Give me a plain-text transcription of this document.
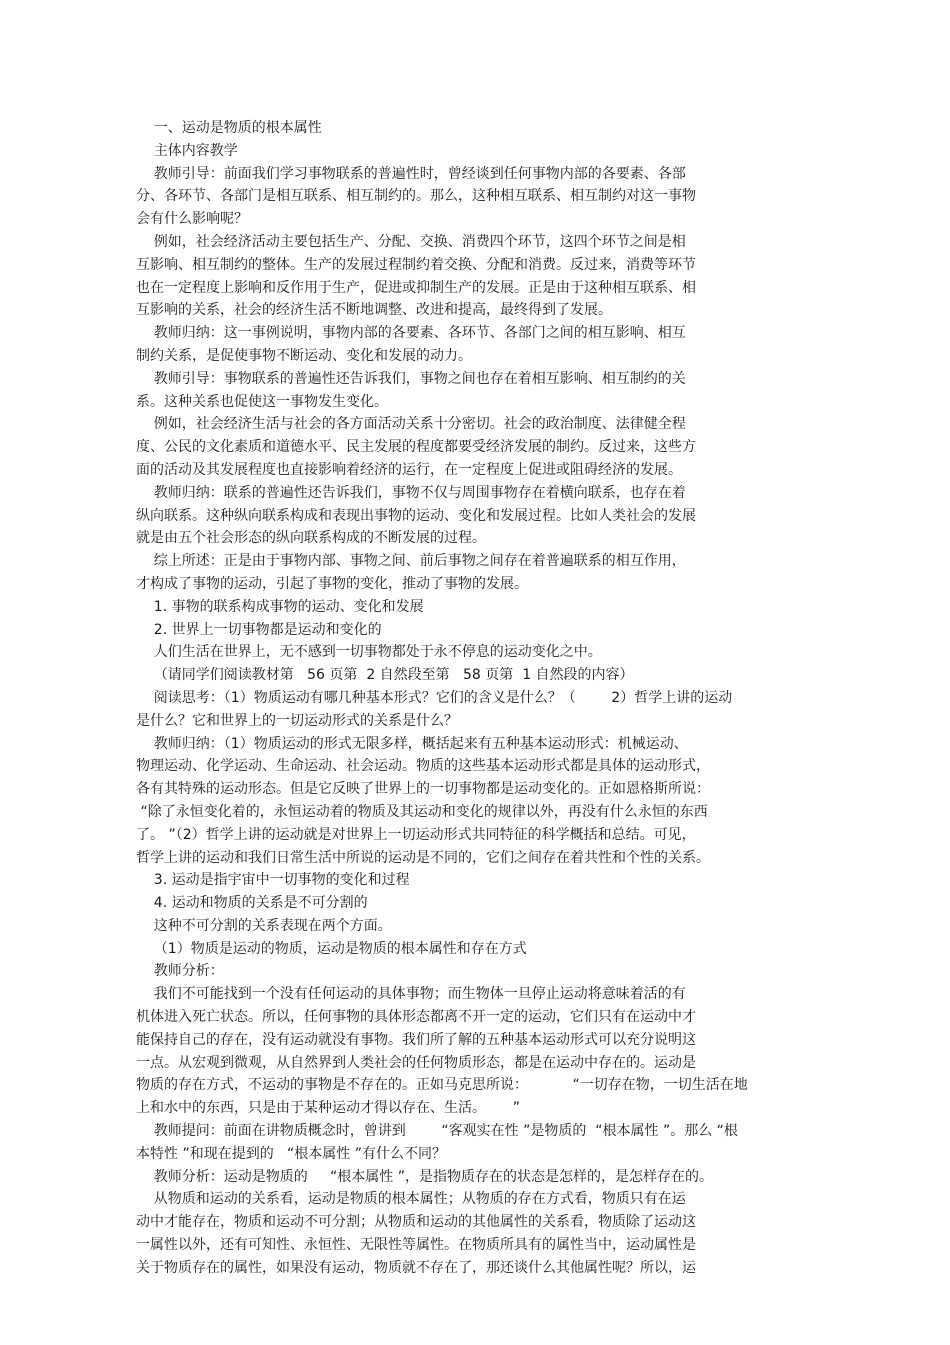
一、运动是物质的根本属性

主体内容教学

教师引导：前面我们学习事物联系的普遍性时，曾经谈到任何事物内部的各要素、各部

分、各环节、各部门是相互联系、相互制约的。那么，这种相互联系、相互制约对这一事物

会有什么影响呢？

例如，社会经济活动主要包括生产、分配、交换、消费四个环节，这四个环节之间是相

互影响、相互制约的整体。生产的发展过程制约着交换、分配和消费。反过来，消费等环节

也在一定程度上影响和反作用于生产，促进或抑制生产的发展。正是由于这种相互联系、相

互影响的关系，社会的经济生活不断地调整、改进和提高，最终得到了发展。

教师归纳：这一事例说明，事物内部的各要素、各环节、各部门之间的相互影响、相互

制约关系，是促使事物不断运动、变化和发展的动力。

教师引导：事物联系的普遍性还告诉我们，事物之间也存在着相互影响、相互制约的关

系。这种关系也促使这一事物发生变化。

例如，社会经济生活与社会的各方面活动关系十分密切。社会的政治制度、法律健全程

度、公民的文化素质和道德水平、民主发展的程度都要受经济发展的制约。反过来，这些方

面的活动及其发展程度也直接影响着经济的运行，在一定程度上促进或阻碍经济的发展。

教师归纳：联系的普遍性还告诉我们，事物不仅与周围事物存在着横向联系，也存在着

纵向联系。这种纵向联系构成和表现出事物的运动、变化和发展过程。比如人类社会的发展

就是由五个社会形态的纵向联系构成的不断发展的过程。

综上所述：正是由于事物内部、事物之间、前后事物之间存在着普遍联系的相互作用，

才构成了事物的运动，引起了事物的变化，推动了事物的发展。

1. 事物的联系构成事物的运动、变化和发展

2. 世界上一切事物都是运动和变化的

人们生活在世界上，无不感到一切事物都处于永不停息的运动变化之中。

（请同学们阅读教材第   56 页第  2 自然段至第   58 页第  1 自然段的内容）

阅读思考：（1）物质运动有哪几种基本形式？它们的含义是什么？（        2）哲学上讲的运动

是什么？它和世界上的一切运动形式的关系是什么？

教师归纳：（1）物质运动的形式无限多样，概括起来有五种基本运动形式：机械运动、

物理运动、化学运动、生命运动、社会运动。物质的这些基本运动形式都是具体的运动形式，

各有其特殊的运动形态。但是它反映了世界上的一切事物都是运动变化的。正如恩格斯所说：

“除了永恒变化着的，永恒运动着的物质及其运动和变化的规律以外，再没有什么永恒的东西

了。 ”（2）哲学上讲的运动就是对世界上一切运动形式共同特征的科学概括和总结。可见，

哲学上讲的运动和我们日常生活中所说的运动是不同的，它们之间存在着共性和个性的关系。

3. 运动是指宇宙中一切事物的变化和过程

4. 运动和物质的关系是不可分割的

这种不可分割的关系表现在两个方面。

（1）物质是运动的物质，运动是物质的根本属性和存在方式

教师分析：

我们不可能找到一个没有任何运动的具体事物；而生物体一旦停止运动将意味着活的有

机体进入死亡状态。所以，任何事物的具体形态都离不开一定的运动，它们只有在运动中才

能保持自己的存在，没有运动就没有事物。我们所了解的五种基本运动形式可以充分说明这

一点。从宏观到微观，从自然界到人类社会的任何物质形态，都是在运动中存在的。运动是

物质的存在方式，不运动的事物是不存在的。正如马克思所说：          “一切存在物，一切生活在地

上和水中的东西，只是由于某种运动才得以存在、生活。      ”

教师提问：前面在讲物质概念时，曾讲到        “客观实在性 ”是物质的  “根本属性 ”。那么 “根

本特性 ”和现在提到的   “根本属性 ”有什么不同？

教师分析：运动是物质的     “根本属性 ”，是指物质存在的状态是怎样的，是怎样存在的。

从物质和运动的关系看，运动是物质的根本属性；从物质的存在方式看，物质只有在运

动中才能存在，物质和运动不可分割；从物质和运动的其他属性的关系看，物质除了运动这

一属性以外，还有可知性、永恒性、无限性等属性。在物质所具有的属性当中，运动属性是

关于物质存在的属性，如果没有运动，物质就不存在了，那还谈什么其他属性呢？所以，运
